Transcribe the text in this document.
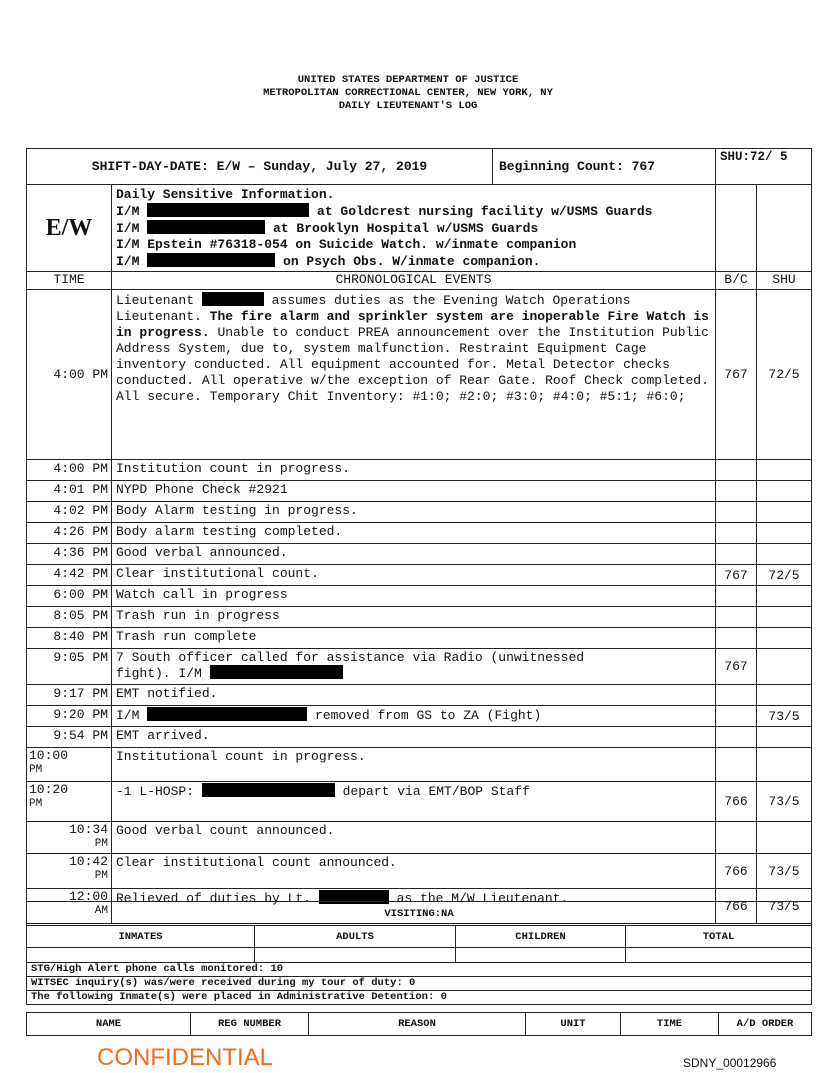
UNITED STATES DEPARTMENT OF JUSTICE
METROPOLITAN CORRECTIONAL CENTER, NEW YORK, NY
DAILY LIEUTENANT'S LOG
SHIFT-DAY-DATE: E/W – Sunday, July 27, 2019 Beginning Count: 767		SHU:72/ 5	
E/W	Daily Sensitive Information.
I/M at Goldcrest nursing facility w/USMS Guards
I/M at Brooklyn Hospital w/USMS Guards
I/M Epstein #76318-054 on Suicide Watch. w/inmate companion
I/M on Psych Obs. W/inmate companion.		

TIME	CHRONOLOGICAL EVENTS	B/C	SHU
4:00 PM	Lieutenant assumes duties as the Evening Watch Operations Lieutenant. The fire alarm and sprinkler system are inoperable Fire Watch is in progress. Unable to conduct PREA announcement over the Institution Public Address System, due to, system malfunction. Restraint Equipment Cage inventory conducted. All equipment accounted for. Metal Detector checks conducted. All operative w/the exception of Rear Gate. Roof Check completed. All secure. Temporary Chit Inventory: #1:0; #2:0; #3:0; #4:0; #5:1; #6:0;	767	72/5
4:00 PM	Institution count in progress.		
4:01 PM	NYPD Phone Check #2921		
4:02 PM	Body Alarm testing in progress.		
4:26 PM	Body alarm testing completed.		
4:36 PM	Good verbal announced.		
4:42 PM	Clear institutional count.	767	72/5
6:00 PM	Watch call in progress		
8:05 PM	Trash run in progress		
8:40 PM	Trash run complete		
9:05 PM	7 South officer called for assistance via Radio (unwitnessed fight). I/M	767	
9:17 PM	EMT notified.		
9:20 PM	I/M removed from GS to ZA (Fight)		73/5
9:54 PM	EMT arrived.		

10:00
PM	Institutional count in progress.		

10:20
PM	-1 L-HOSP: depart via EMT/BOP Staff	766	73/5

10:34
PM	Good verbal count announced.		

10:42
PM	Clear institutional count announced.	766	73/5

12:00
AM	Relieved of duties by Lt. as the M/W Lieutenant.	766	73/5
VISITING:NA			
INMATES	ADULTS	CHILDREN	TOTAL

STG/High Alert phone calls monitored: 10			
WITSEC inquiry(s) was/were received during my tour of duty: 0			
The following Inmate(s) were placed in Administrative Detention: 0			
NAME	REG NUMBER	REASON	UNIT	TIME	A/D ORDER
CONFIDENTIAL	SDNY_00012966
